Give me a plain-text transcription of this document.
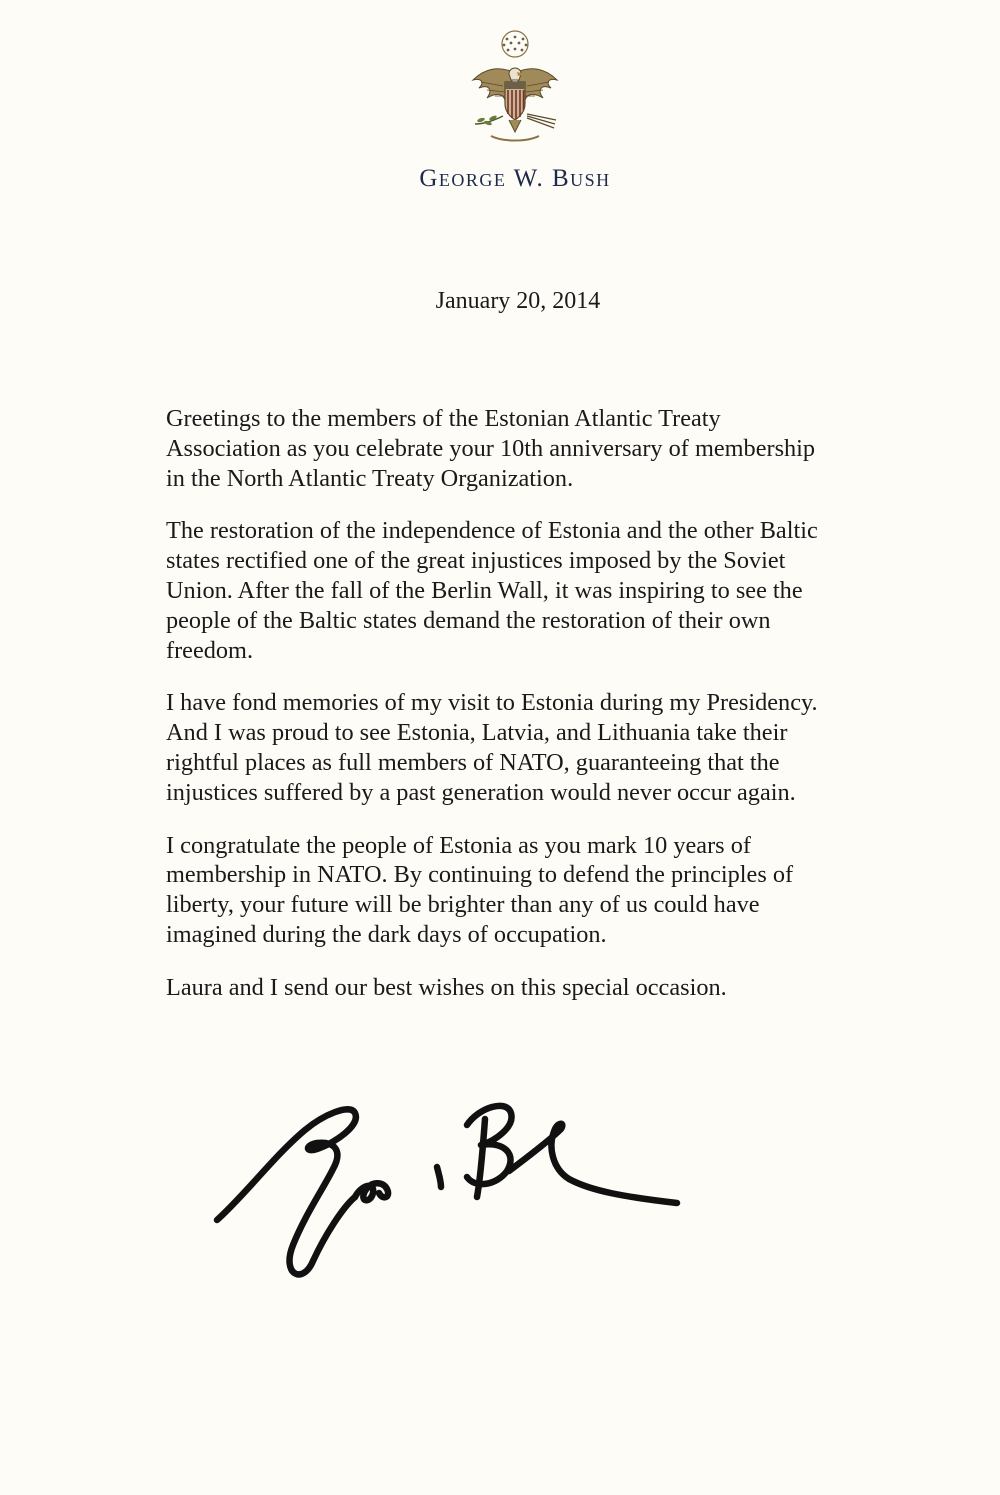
George W. Bush
January 20, 2014

Greetings to the members of the Estonian Atlantic Treaty
Association as you celebrate your 10th anniversary of membership
in the North Atlantic Treaty Organization.

The restoration of the independence of Estonia and the other Baltic
states rectified one of the great injustices imposed by the Soviet
Union. After the fall of the Berlin Wall, it was inspiring to see the
people of the Baltic states demand the restoration of their own
freedom.

I have fond memories of my visit to Estonia during my Presidency.
And I was proud to see Estonia, Latvia, and Lithuania take their
rightful places as full members of NATO, guaranteeing that the
injustices suffered by a past generation would never occur again.

I congratulate the people of Estonia as you mark 10 years of
membership in NATO. By continuing to defend the principles of
liberty, your future will be brighter than any of us could have
imagined during the dark days of occupation.

Laura and I send our best wishes on this special occasion.
